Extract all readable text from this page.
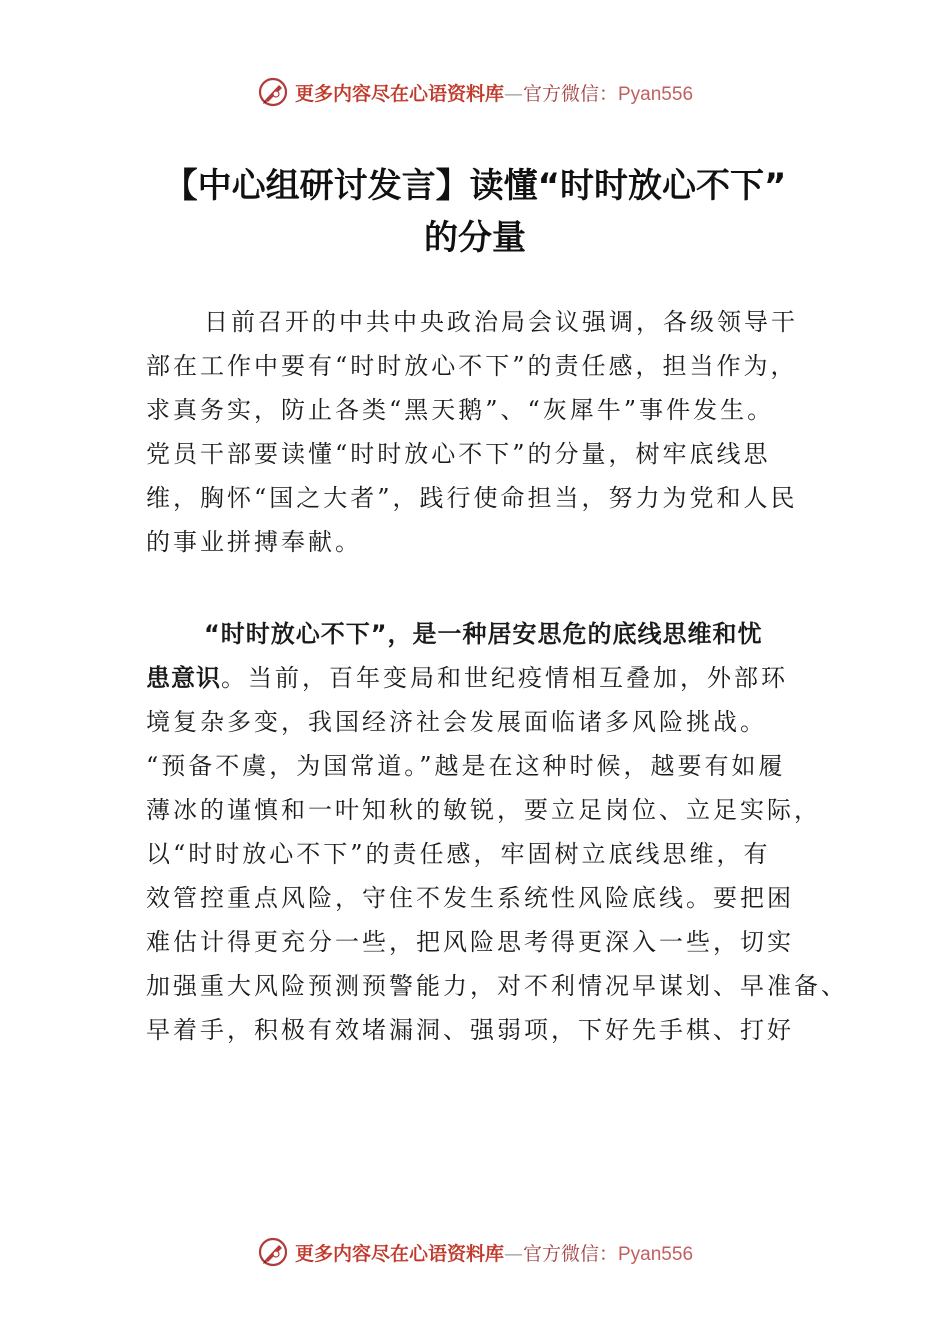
更多内容尽在心语资料库—官方微信：Pyan556
【中心组研讨发言】读懂“时时放心不下”
的分量
日前召开的中共中央政治局会议强调，各级领导干
部在工作中要有“时时放心不下”的责任感，担当作为，
求真务实，防止各类“黑天鹅”、“灰犀牛”事件发生。
党员干部要读懂“时时放心不下”的分量，树牢底线思
维，胸怀“国之大者”，践行使命担当，努力为党和人民
的事业拼搏奉献。
“时时放心不下”，是一种居安思危的底线思维和忧
患意识。当前，百年变局和世纪疫情相互叠加，外部环
境复杂多变，我国经济社会发展面临诸多风险挑战。
“预备不虞，为国常道。”越是在这种时候，越要有如履
薄冰的谨慎和一叶知秋的敏锐，要立足岗位、立足实际，
以“时时放心不下”的责任感，牢固树立底线思维，有
效管控重点风险，守住不发生系统性风险底线。要把困
难估计得更充分一些，把风险思考得更深入一些，切实
加强重大风险预测预警能力，对不利情况早谋划、早准备、
早着手，积极有效堵漏洞、强弱项，下好先手棋、打好
更多内容尽在心语资料库—官方微信：Pyan556
